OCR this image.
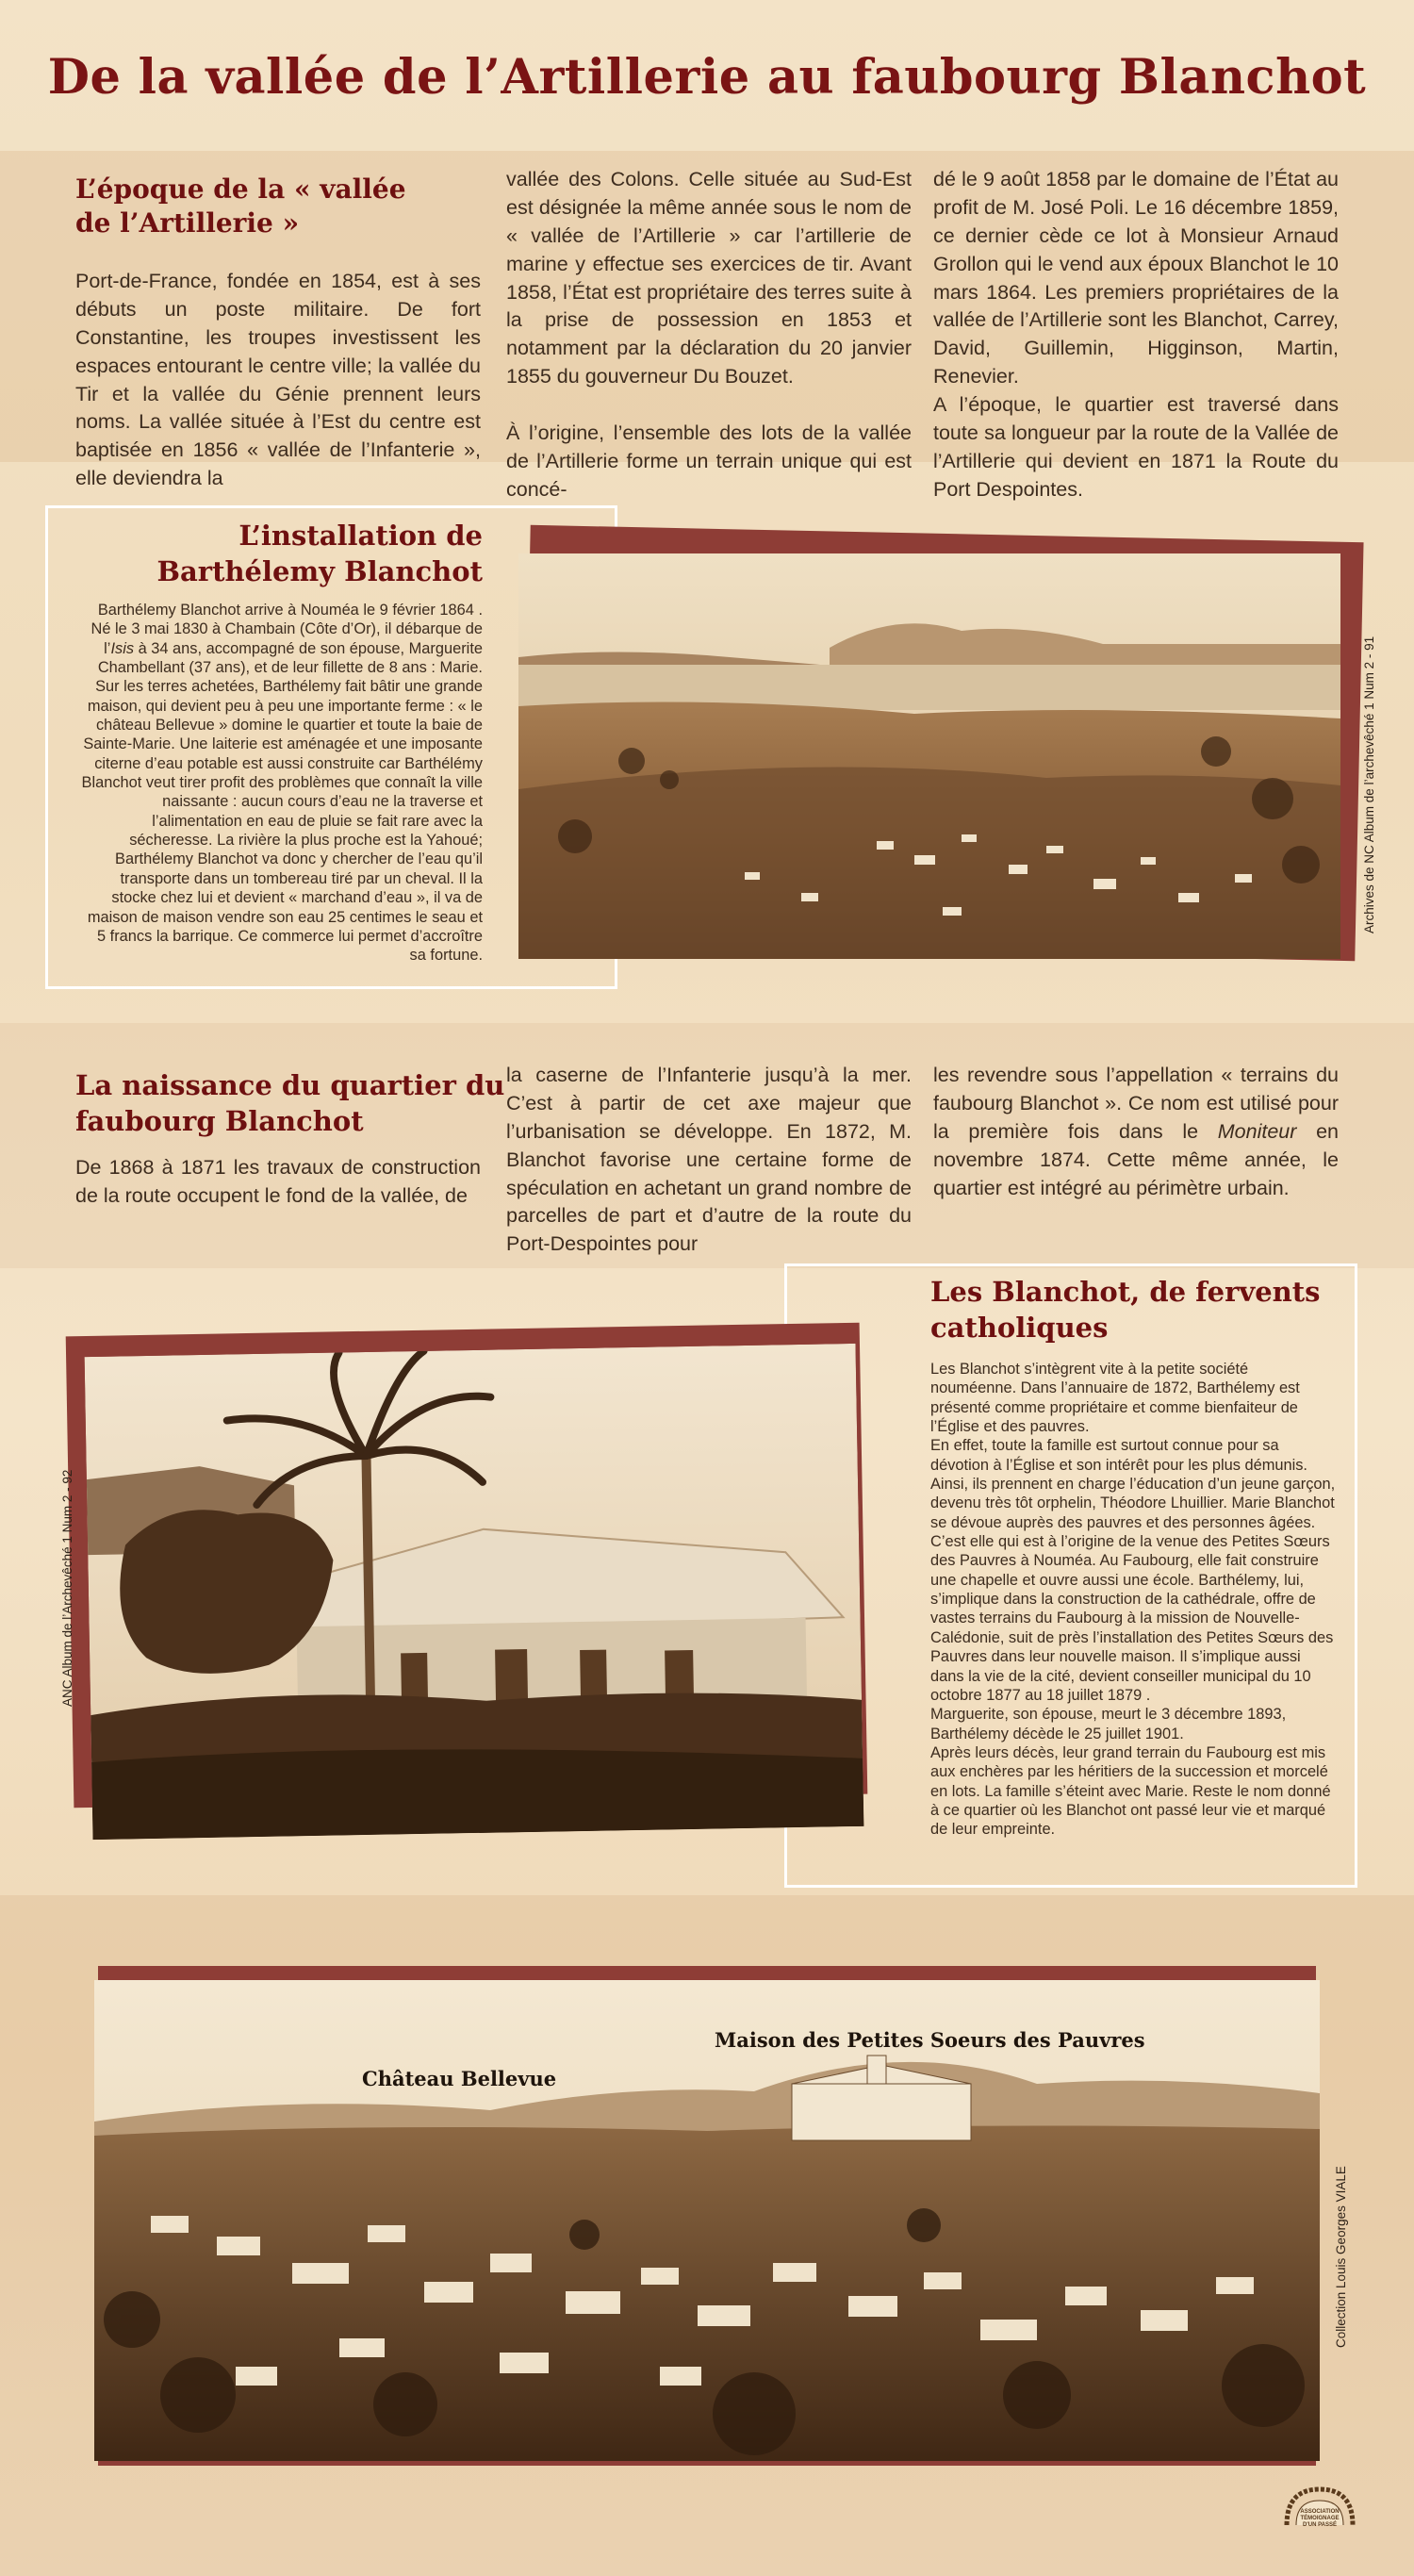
De la vallée de l’Artillerie au faubourg Blanchot
L’époque de la « vallée
de l’Artillerie »

Port-de-France, fondée en 1854, est à ses débuts un poste militaire. De fort Constantine, les troupes investissent les espaces entourant le centre ville; la vallée du Tir et la vallée du Génie prennent leurs noms. La vallée située à l’Est du centre est baptisée en 1856 « vallée de l’Infanterie », elle deviendra la

vallée des Colons. Celle située au Sud-Est est désignée la même année sous le nom de « vallée de l’Artillerie » car l’artillerie de marine y effectue ses exercices de tir. Avant 1858, l’État est propriétaire des terres suite à la prise de possession en 1853 et notamment par la déclaration du 20 janvier 1855 du gouverneur Du Bouzet.

À l’origine, l’ensemble des lots de la vallée de l’Artillerie forme un terrain unique qui est concé-

dé le 9 août 1858 par le domaine de l’État au profit de M. José Poli. Le 16 décembre 1859, ce dernier cède ce lot à Monsieur Arnaud Grollon qui le vend aux époux Blanchot le 10 mars 1864. Les premiers propriétaires de la vallée de l’Artillerie sont les Blanchot, Carrey, David, Guillemin, Higginson, Martin, Renevier.

A l’époque, le quartier est traversé dans toute sa longueur par la route de la Vallée de l’Artillerie qui devient en 1871 la Route du Port Despointes.

L’installation de
Barthélemy Blanchot

Barthélemy Blanchot arrive à Nouméa le 9 février 1864 . Né le 3 mai 1830 à Chambain (Côte d’Or), il débarque de l’Isis à 34 ans, accompagné de son épouse, Marguerite Chambellant (37 ans), et de leur fillette de 8 ans : Marie. Sur les terres achetées, Barthélemy fait bâtir une grande maison, qui devient peu à peu une importante ferme : « le château Bellevue » domine le quartier et toute la baie de Sainte-Marie. Une laiterie est aménagée et une imposante citerne d’eau potable est aussi construite car Barthélémy Blanchot veut tirer profit des problèmes que connaît la ville naissante : aucun cours d’eau ne la traverse et l’alimentation en eau de pluie se fait rare avec la sécheresse. La rivière la plus proche est la Yahoué; Barthélemy Blanchot va donc y chercher de l’eau qu’il transporte dans un tombereau tiré par un cheval. Il la stocke chez lui et devient « marchand d’eau », il va de maison de maison vendre son eau 25 centimes le seau et 5 francs la barrique. Ce commerce lui permet d’accroître sa fortune.

Archives de NC Album de l’archevêché 1 Num 2 - 91
La naissance du quartier du
faubourg Blanchot

De 1868 à 1871 les travaux de construction de la route occupent le fond de la vallée, de

la caserne de l’Infanterie jusqu’à la mer. C’est à partir de cet axe majeur que l’urbanisation se développe. En 1872, M. Blanchot favorise une certaine forme de spéculation en achetant un grand nombre de parcelles de part et d’autre de la route du Port-Despointes pour

les revendre sous l’appellation « terrains du faubourg Blanchot ». Ce nom est utilisé pour la première fois dans le Moniteur en novembre 1874. Cette même année, le quartier est intégré au périmètre urbain.

Les Blanchot, de fervents
catholiques

Les Blanchot s’intègrent vite à la petite société nouméenne. Dans l’annuaire de 1872, Barthélemy est présenté comme propriétaire et comme bienfaiteur de l’Église et des pauvres.

En effet, toute la famille est surtout connue pour sa dévotion à l’Église et son intérêt pour les plus démunis. Ainsi, ils prennent en charge l’éducation d’un jeune garçon, devenu très tôt orphelin, Théodore Lhuillier. Marie Blanchot se dévoue auprès des pauvres et des personnes âgées. C’est elle qui est à l’origine de la venue des Petites Sœurs des Pauvres à Nouméa. Au Faubourg, elle fait construire une chapelle et ouvre aussi une école. Barthélemy, lui, s’implique dans la construction de la cathédrale, offre de vastes terrains du Faubourg à la mission de Nouvelle-Calédonie, suit de près l’installation des Petites Sœurs des Pauvres dans leur nouvelle maison. Il s’implique aussi dans la vie de la cité, devient conseiller municipal du 10 octobre 1877 au 18 juillet 1879 .

Marguerite, son épouse, meurt le 3 décembre 1893, Barthélemy décède le 25 juillet 1901.

Après leurs décès, leur grand terrain du Faubourg est mis aux enchères par les héritiers de la succession et morcelé en lots. La famille s’éteint avec Marie. Reste le nom donné à ce quartier où les Blanchot ont passé leur vie et marqué de leur empreinte.

ANC Album de l’Archevêché 1 Num 2 - 92
Château Bellevue
Maison des Petites Soeurs des Pauvres
Collection Louis Georges VIALE
ASSOCIATION
TÉMOIGNAGE
D'UN PASSÉ
